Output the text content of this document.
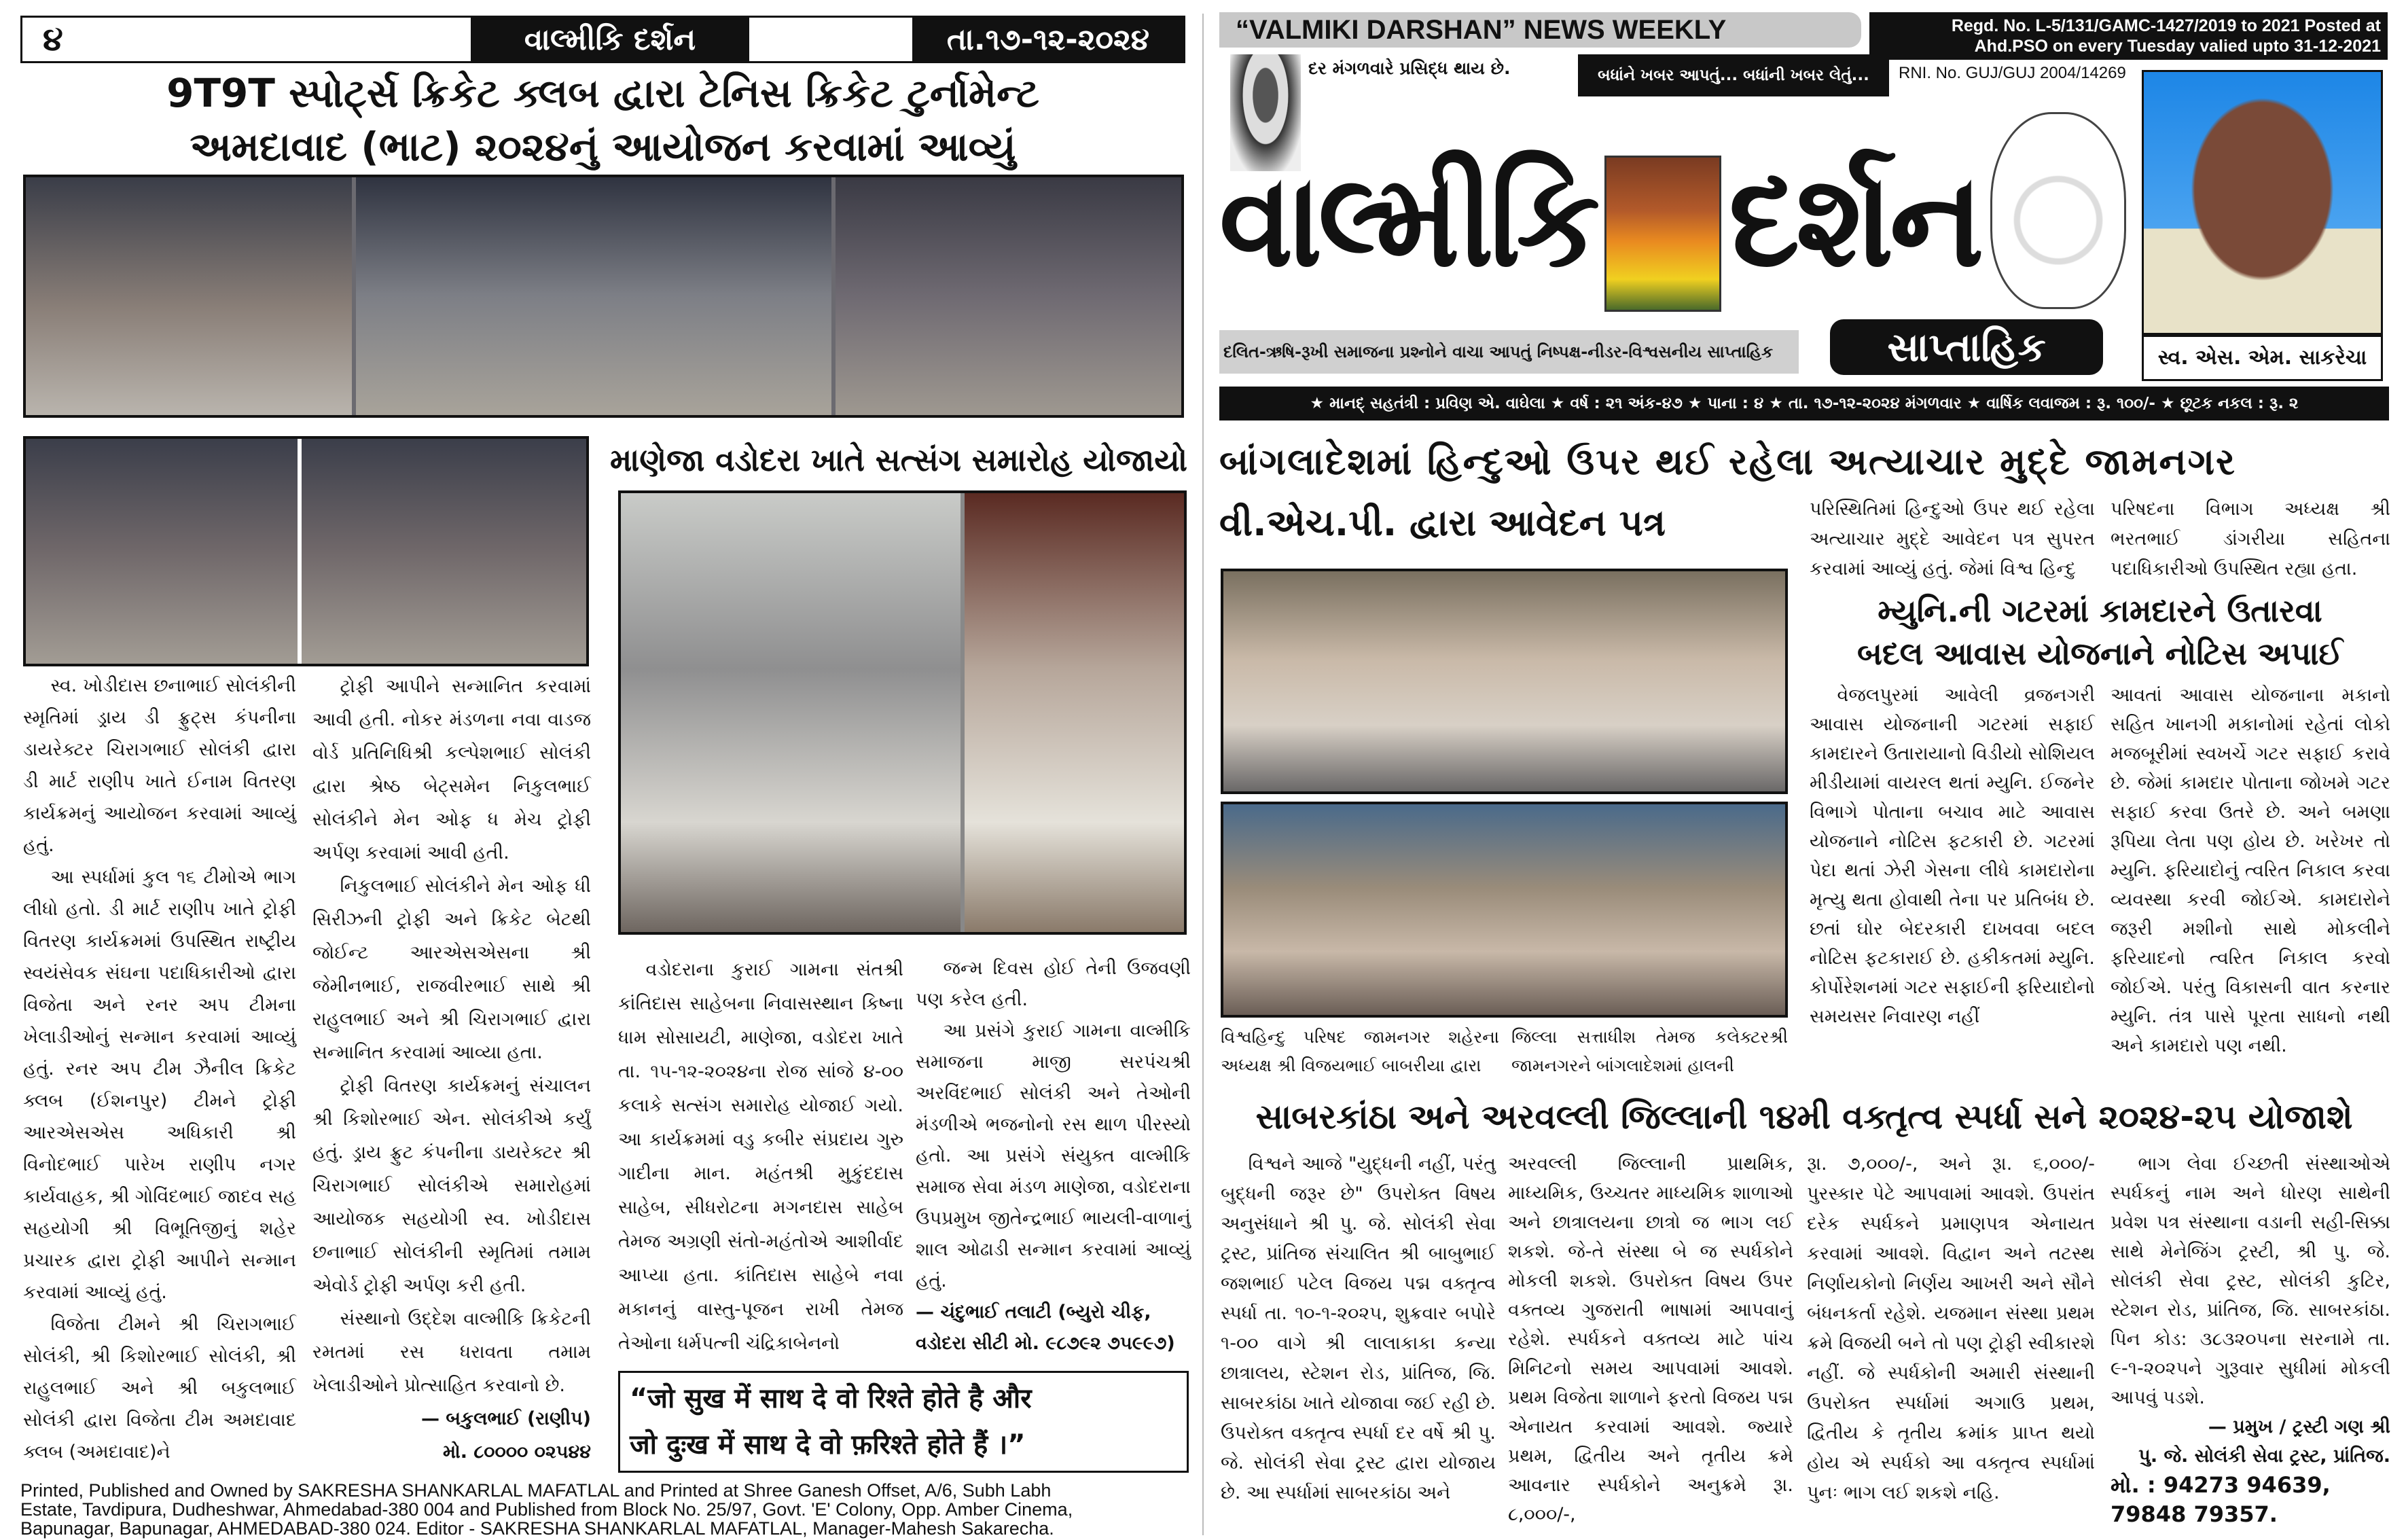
૪	વાલ્મીકિ દર્શન	તા.૧૭-૧૨-૨૦૨૪
9T9T સ્પોર્ટ્સ ક્રિકેટ ક્લબ દ્વારા ટેનિસ ક્રિકેટ ટુર્નામેન્ટ
અમદાવાદ (ભાટ) ૨૦૨૪નું આયોજન કરવામાં આવ્યું

સ્વ. ખોડીદાસ છનાભાઈ સોલંકીની સ્મૃતિમાં ડ્રાય ડી ફ્રુટ્સ કંપનીના ડાયરેક્ટર ચિરાગભાઈ સોલંકી દ્વારા ડી માર્ટ રાણીપ ખાતે ઈનામ વિતરણ કાર્યક્રમનું આયોજન કરવામાં આવ્યું હતું.

આ સ્પર્ધામાં કુલ ૧૬ ટીમોએ ભાગ લીધો હતો. ડી માર્ટ રાણીપ ખાતે ટ્રોફી વિતરણ કાર્યક્રમમાં ઉપસ્થિત રાષ્ટ્રીય સ્વયંસેવક સંઘના પદાધિકારીઓ દ્વારા વિજેતા અને રનર અપ ટીમના ખેલાડીઓનું સન્માન કરવામાં આવ્યું હતું. રનર અપ ટીમ ઝૈનીલ ક્રિકેટ ક્લબ (ઈશનપુર) ટીમને ટ્રોફી આરએસએસ અધિકારી શ્રી વિનોદભાઈ પારેખ રાણીપ નગર કાર્યવાહક, શ્રી ગોવિંદભાઈ જાદવ સહ સહયોગી શ્રી વિભૂતિજીનું શહેર પ્રચારક દ્વારા ટ્રોફી આપીને સન્માન કરવામાં આવ્યું હતું.

વિજેતા ટીમને શ્રી ચિરાગભાઈ સોલંકી, શ્રી કિશોરભાઈ સોલંકી, શ્રી રાહુલભાઈ અને શ્રી બકુલભાઈ સોલંકી દ્વારા વિજેતા ટીમ અમદાવાદ ક્લબ (અમદાવાદ)ને

ટ્રોફી આપીને સન્માનિત કરવામાં આવી હતી. નોકર મંડળના નવા વાડજ વોર્ડ પ્રતિનિધિશ્રી કલ્પેશભાઈ સોલંકી દ્વારા શ્રેષ્ઠ બેટ્સમેન નિકુલભાઈ સોલંકીને મેન ઓફ ધ મેચ ટ્રોફી અર્પણ કરવામાં આવી હતી.

નિકુલભાઈ સોલંકીને મેન ઓફ ધી સિરીઝની ટ્રોફી અને ક્રિકેટ બેટથી જોઈન્ટ આરએસએસના શ્રી જેમીનભાઈ, રાજવીરભાઈ સાથે શ્રી રાહુલભાઈ અને શ્રી ચિરાગભાઈ દ્વારા સન્માનિત કરવામાં આવ્યા હતા.

ટ્રોફી વિતરણ કાર્યક્રમનું સંચાલન શ્રી કિશોરભાઈ એન. સોલંકીએ કર્યું હતું. ડ્રાય ફ્રુટ કંપનીના ડાયરેક્ટર શ્રી ચિરાગભાઈ સોલંકીએ સમારોહમાં આયોજક સહયોગી સ્વ. ખોડીદાસ છનાભાઈ સોલંકીની સ્મૃતિમાં તમામ એવોર્ડ ટ્રોફી અર્પણ કરી હતી.

સંસ્થાનો ઉદ્દેશ વાલ્મીકિ ક્રિકેટની રમતમાં રસ ધરાવતા તમામ ખેલાડીઓને પ્રોત્સાહિત કરવાનો છે.

— બકુલભાઈ (રાણીપ)

મો. ૮૦૦૦૦ ૦૨૫૪૪

માણેજા વડોદરા ખાતે સત્સંગ સમારોહ યોજાયો

વડોદરાના કુરાઈ ગામના સંતશ્રી કાંતિદાસ સાહેબના નિવાસસ્થાન કિષ્ના ધામ સોસાયટી, માણેજા, વડોદરા ખાતે તા. ૧૫-૧૨-૨૦૨૪ના રોજ સાંજે ૪-૦૦ કલાકે સત્સંગ સમારોહ યોજાઈ ગયો. આ કાર્યક્રમમાં વડુ કબીર સંપ્રદાય ગુરુ ગાદીના માન. મહંતશ્રી મુકુંદદાસ સાહેબ, સીધરોટના મગનદાસ સાહેબ તેમજ અગ્રણી સંતો-મહંતોએ આશીર્વાદ આપ્યા હતા. કાંતિદાસ સાહેબે નવા મકાનનું વાસ્તુ-પૂજન રાખી તેમજ તેઓના ધર્મપત્ની ચંદ્રિકાબેનનો

જન્મ દિવસ હોઈ તેની ઉજવણી પણ કરેલ હતી.

આ પ્રસંગે કુરાઈ ગામના વાલ્મીકિ સમાજના માજી સરપંચશ્રી અરવિંદભાઈ સોલંકી અને તેઓની મંડળીએ ભજનોનો રસ થાળ પીરસ્યો હતો. આ પ્રસંગે સંયુક્ત વાલ્મીકિ સમાજ સેવા મંડળ માણેજા, વડોદરાના ઉપપ્રમુખ જીતેન્દ્રભાઈ ભાયલી-વાળાનું શાલ ઓઢાડી સન્માન કરવામાં આવ્યું હતું.

— ચંદુભાઈ તલાટી (બ્યુરો ચીફ, વડોદરા સીટી મો. ૯૮૭૯૨ ૭૫૯૯૭)

“जो सुख में साथ दे वो रिश्ते होते है और
जो दुःख में साथ दे वो फ़रिश्ते होते हैं ।”
Printed, Published and Owned by SAKRESHA SHANKARLAL MAFATLAL and Printed at Shree Ganesh Offset, A/6, Subh Labh
Estate, Tavdipura, Dudheshwar, Ahmedabad-380 004 and Published from Block No. 25/97, Govt. 'E' Colony, Opp. Amber Cinema,
Bapunagar, Bapunagar, AHMEDABAD-380 024. Editor - SAKRESHA SHANKARLAL MAFATLAL, Manager-Mahesh Sakarecha.
“VALMIKI DARSHAN” NEWS WEEKLY	Regd. No. L-5/131/GAMC-1427/2019 to 2021 Posted at
Ahd.PSO on every Tuesday valied upto 31-12-2021
RNI. No. GUJ/GUJ 2004/14269
દર મંગળવારે પ્રસિદ્ધ થાય છે.	બધાંને ખબર આપતું... બધાંની ખબર લેતું...
વાલ્મીકિ દર્શન
દલિત-ઋષિ-રૂખી સમાજના પ્રશ્નોને વાચા આપતું નિષ્પક્ષ-નીડર-વિશ્વસનીય સાપ્તાહિક	સાપ્તાહિક	સ્વ. એસ. એમ. સાકરેચા
★ માનદ્ સહતંત્રી : પ્રવિણ એ. વાઘેલા ★ વર્ષ : ૨૧ અંક-૪૭ ★ પાના : ૪ ★ તા. ૧૭-૧૨-૨૦૨૪ મંગળવાર ★ વાર્ષિક લવાજમ : રૂ. ૧૦૦/- ★ છૂટક નકલ : રૂ. ૨
બાંગલાદેશમાં હિન્દુઓ ઉપર થઈ રહેલા અત્યાચાર મુદ્દે જામનગર
વી.એચ.પી. દ્વારા આવેદન પત્ર
વિશ્વહિન્દુ પરિષદ જામનગર શહેરના અધ્યક્ષ શ્રી વિજયભાઈ બાબરીયા દ્વારા
જિલ્લા સત્તાધીશ તેમજ કલેક્ટરશ્રી જામનગરને બાંગલાદેશમાં હાલની

પરિસ્થિતિમાં હિન્દુઓ ઉપર થઈ રહેલા અત્યાચાર મુદ્દે આવેદન પત્ર સુપરત કરવામાં આવ્યું હતું. જેમાં વિશ્વ હિન્દુ

પરિષદના વિભાગ અધ્યક્ષ શ્રી ભરતભાઈ ડાંગરીયા સહિતના પદાધિકારીઓ ઉપસ્થિત રહ્યા હતા.

મ્યુનિ.ની ગટરમાં કામદારને ઉતારવા
બદલ આવાસ યોજનાને નોટિસ અપાઈ

વેજલપુરમાં આવેલી વ્રજનગરી આવાસ યોજનાની ગટરમાં સફાઈ કામદારને ઉતારાયાનો વિડીયો સોશિયલ મીડીયામાં વાયરલ થતાં મ્યુનિ. ઈજનેર વિભાગે પોતાના બચાવ માટે આવાસ યોજનાને નોટિસ ફટકારી છે. ગટરમાં પેદા થતાં ઝેરી ગેસના લીધે કામદારોના મૃત્યુ થતા હોવાથી તેના પર પ્રતિબંધ છે. છતાં ઘોર બેદરકારી દાખવવા બદલ નોટિસ ફટકારાઈ છે. હકીકતમાં મ્યુનિ. કોર્પોરેશનમાં ગટર સફાઈની ફરિયાદોનો સમયસર નિવારણ નહીં

આવતાં આવાસ યોજનાના મકાનો સહિત ખાનગી મકાનોમાં રહેતાં લોકો મજબૂરીમાં સ્વખર્ચે ગટર સફાઈ કરાવે છે. જેમાં કામદાર પોતાના જોખમે ગટર સફાઈ કરવા ઉતરે છે. અને બમણા રૂપિયા લેતા પણ હોય છે. ખરેખર તો મ્યુનિ. ફરિયાદોનું ત્વરિત નિકાલ કરવા વ્યવસ્થા કરવી જોઈએ. કામદારોને જરૂરી મશીનો સાથે મોકલીને ફરિયાદનો ત્વરિત નિકાલ કરવો જોઈએ. પરંતુ વિકાસની વાત કરનાર મ્યુનિ. તંત્ર પાસે પૂરતા સાધનો નથી અને કામદારો પણ નથી.

સાબરકાંઠા અને અરવલ્લી જિલ્લાની ૧૪મી વક્તૃત્વ સ્પર્ધા સને ૨૦૨૪-૨૫ યોજાશે

વિશ્વને આજે "યુદ્ધની નહીં, પરંતુ બુદ્ધની જરૂર છે" ઉપરોક્ત વિષય અનુસંધાને શ્રી પુ. જે. સોલંકી સેવા ટ્રસ્ટ, પ્રાંતિજ સંચાલિત શ્રી બાબુભાઈ જશભાઈ પટેલ વિજય પદ્મ વક્તૃત્વ સ્પર્ધા તા. ૧૦-૧-૨૦૨૫, શુક્રવાર બપોરે ૧-૦૦ વાગે શ્રી લાલાકાકા કન્યા છાત્રાલય, સ્ટેશન રોડ, પ્રાંતિજ, જિ. સાબરકાંઠા ખાતે યોજાવા જઈ રહી છે. ઉપરોક્ત વક્તૃત્વ સ્પર્ધા દર વર્ષે શ્રી પુ. જે. સોલંકી સેવા ટ્રસ્ટ દ્વારા યોજાય છે. આ સ્પર્ધામાં સાબરકાંઠા અને

અરવલ્લી જિલ્લાની પ્રાથમિક, માધ્યમિક, ઉચ્ચતર માધ્યમિક શાળાઓ અને છાત્રાલયના છાત્રો જ ભાગ લઈ શકશે. જે-તે સંસ્થા બે જ સ્પર્ધકોને મોકલી શકશે. ઉપરોક્ત વિષય ઉપર વક્તવ્ય ગુજરાતી ભાષામાં આપવાનું રહેશે. સ્પર્ધકને વક્તવ્ય માટે પાંચ મિનિટનો સમય આપવામાં આવશે. પ્રથમ વિજેતા શાળાને ફરતો વિજય પદ્મ એનાયત કરવામાં આવશે. જ્યારે પ્રથમ, દ્વિતીય અને તૃતીય ક્રમે આવનાર સ્પર્ધકોને અનુક્રમે રૂા. ૮,૦૦૦/-,

રૂા. ૭,૦૦૦/-, અને રૂા. ૬,૦૦૦/- પુરસ્કાર પેટે આપવામાં આવશે. ઉપરાંત દરેક સ્પર્ધકને પ્રમાણપત્ર એનાયત કરવામાં આવશે. વિદ્વાન અને તટસ્થ નિર્ણાયકોનો નિર્ણય આખરી અને સૌને બંધનકર્તા રહેશે. યજમાન સંસ્થા પ્રથમ ક્રમે વિજયી બને તો પણ ટ્રોફી સ્વીકારશે નહીં. જે સ્પર્ધકોની અમારી સંસ્થાની ઉપરોક્ત સ્પર્ધામાં અગાઉ પ્રથમ, દ્વિતીય કે તૃતીય ક્રમાંક પ્રાપ્ત થયો હોય એ સ્પર્ધકો આ વક્તૃત્વ સ્પર્ધામાં પુનઃ ભાગ લઈ શકશે નહિ.

ભાગ લેવા ઈચ્છતી સંસ્થાઓએ સ્પર્ધકનું નામ અને ધોરણ સાથેની પ્રવેશ પત્ર સંસ્થાના વડાની સહી-સિક્કા સાથે મેનેજિંગ ટ્રસ્ટી, શ્રી પુ. જે. સોલંકી સેવા ટ્રસ્ટ, સોલંકી કુટિર, સ્ટેશન રોડ, પ્રાંતિજ, જિ. સાબરકાંઠા. પિન કોડ: ૩૮૩૨૦૫ના સરનામે તા. ૯-૧-૨૦૨૫ને ગુરૂવાર સુધીમાં મોકલી આપવું પડશે.

— પ્રમુખ / ટ્રસ્ટી ગણ શ્રી

પુ. જે. સોલંકી સેવા ટ્રસ્ટ, પ્રાંતિજ.

મો. : 94273 94639, 79848 79357.
